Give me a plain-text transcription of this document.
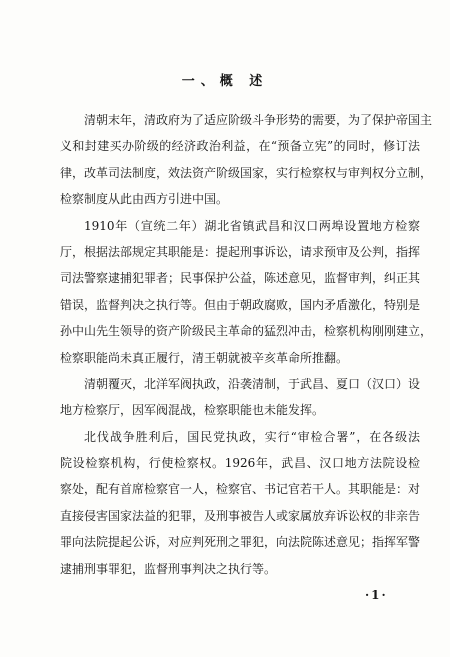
一、概 述
清朝末年，清政府为了适应阶级斗争形势的需要，为了保护帝国主
义和封建买办阶级的经济政治利益，在“预备立宪”的同时，修订法
律，改革司法制度，效法资产阶级国家，实行检察权与审判权分立制，
检察制度从此由西方引进中国。
1910年（宣统二年）湖北省镇武昌和汉口两埠设置地方检察
厅，根据法部规定其职能是：提起刑事诉讼，请求预审及公判，指挥
司法警察逮捕犯罪者；民事保护公益，陈述意见，监督审判，纠正其
错误，监督判决之执行等。但由于朝政腐败，国内矛盾激化，特别是
孙中山先生领导的资产阶级民主革命的猛烈冲击，检察机构刚刚建立，
检察职能尚未真正履行，清王朝就被辛亥革命所推翻。
清朝覆灭，北洋军阀执政，沿袭清制，于武昌、夏口（汉口）设
地方检察厅，因军阀混战，检察职能也未能发挥。
北伐战争胜利后，国民党执政，实行“审检合署”，在各级法
院设检察机构，行使检察权。1926年，武昌、汉口地方法院设检
察处，配有首席检察官一人，检察官、书记官若干人。其职能是：对
直接侵害国家法益的犯罪，及刑事被告人或家属放弃诉讼权的非亲告
罪向法院提起公诉，对应判死刑之罪犯，向法院陈述意见；指挥军警
逮捕刑事罪犯，监督刑事判决之执行等。
·1·
